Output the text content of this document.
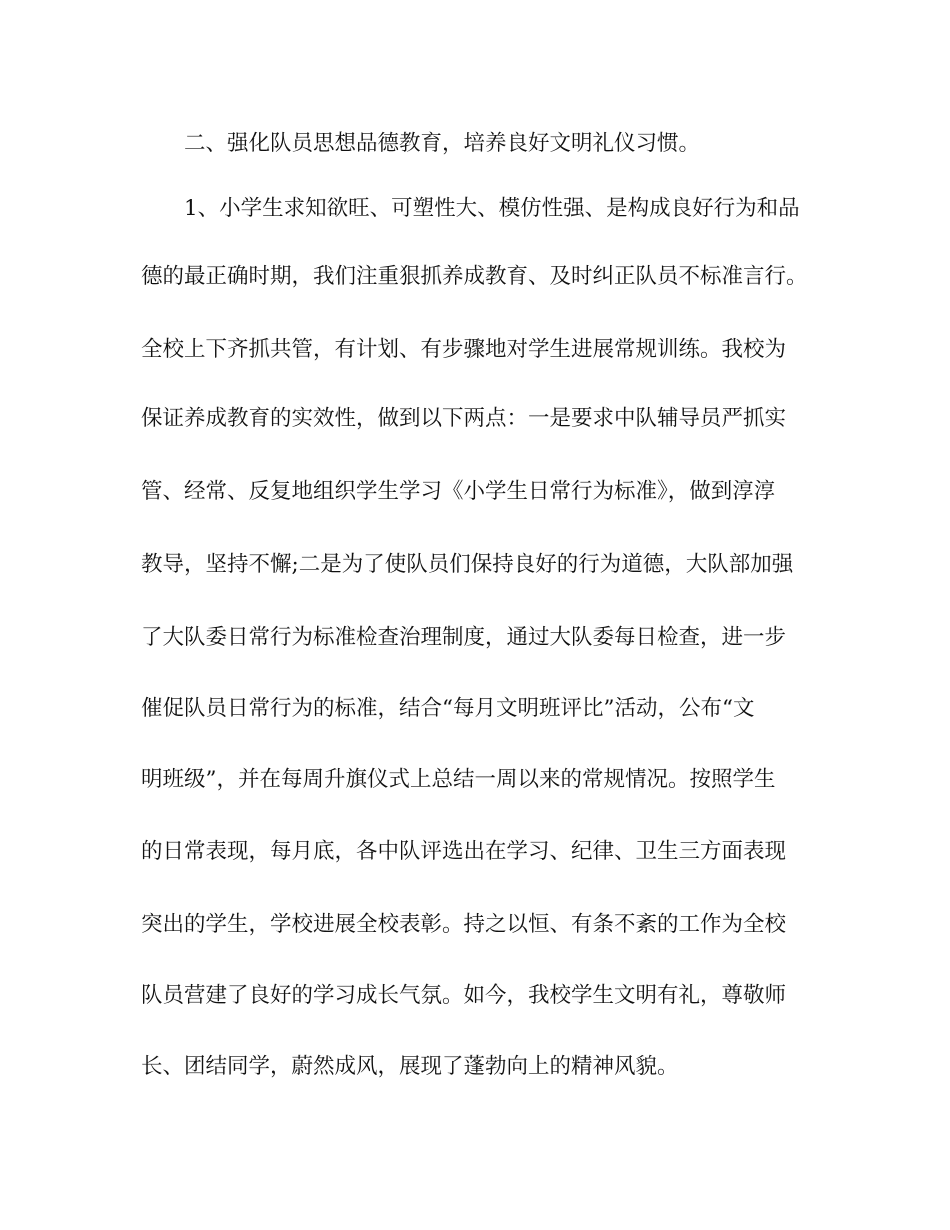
二、强化队员思想品德教育，培养良好文明礼仪习惯。
1、小学生求知欲旺、可塑性大、模仿性强、是构成良好行为和品
德的最正确时期，我们注重狠抓养成教育、及时纠正队员不标准言行。
全校上下齐抓共管，有计划、有步骤地对学生进展常规训练。我校为
保证养成教育的实效性，做到以下两点：一是要求中队辅导员严抓实
管、经常、反复地组织学生学习《小学生日常行为标准》，做到淳淳
教导，坚持不懈;二是为了使队员们保持良好的行为道德，大队部加强
了大队委日常行为标准检查治理制度，通过大队委每日检查，进一步
催促队员日常行为的标准，结合“每月文明班评比”活动，公布“文
明班级”，并在每周升旗仪式上总结一周以来的常规情况。按照学生
的日常表现，每月底，各中队评选出在学习、纪律、卫生三方面表现
突出的学生，学校进展全校表彰。持之以恒、有条不紊的工作为全校
队员营建了良好的学习成长气氛。如今，我校学生文明有礼，尊敬师
长、团结同学，蔚然成风，展现了蓬勃向上的精神风貌。
